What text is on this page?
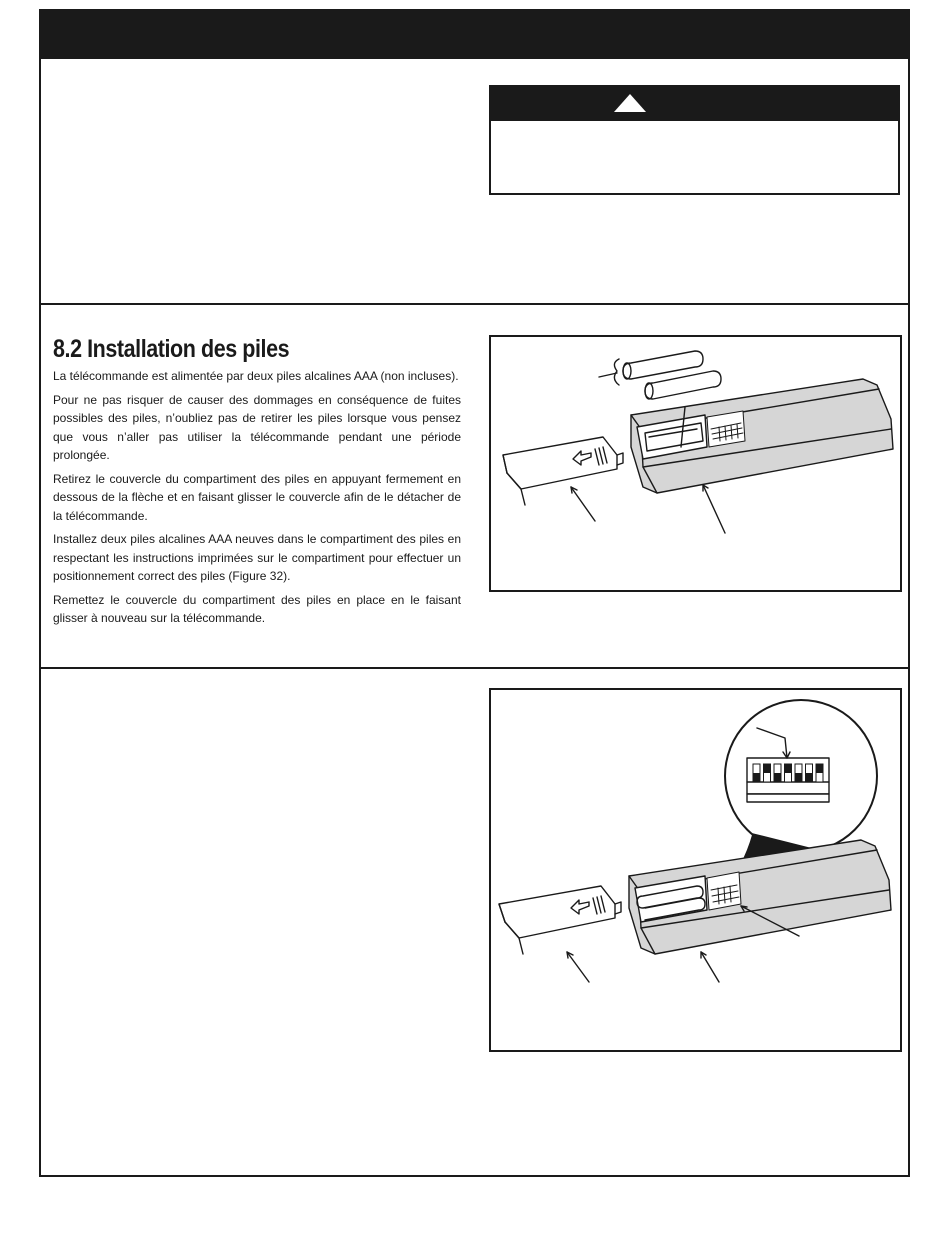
8.2 Installation des piles

La télécommande est alimentée par deux piles alcalines AAA (non incluses).

Pour ne pas risquer de causer des dommages en conséquence de fuites possibles des piles, n’oubliez pas de retirer les piles lorsque vous pensez que vous n’aller pas utiliser la télécommande pendant une période prolongée.

Retirez le couvercle du compartiment des piles en appuyant fermement en dessous de la flèche et en faisant glisser le couvercle afin de le détacher de la télécommande.

Installez deux piles alcalines AAA neuves dans le compartiment des piles en respectant les instructions imprimées sur le compartiment pour effectuer un positionnement correct des piles (Figure 32).

Remettez le couvercle du compartiment des piles en place en le faisant glisser à nouveau sur la télécommande.
